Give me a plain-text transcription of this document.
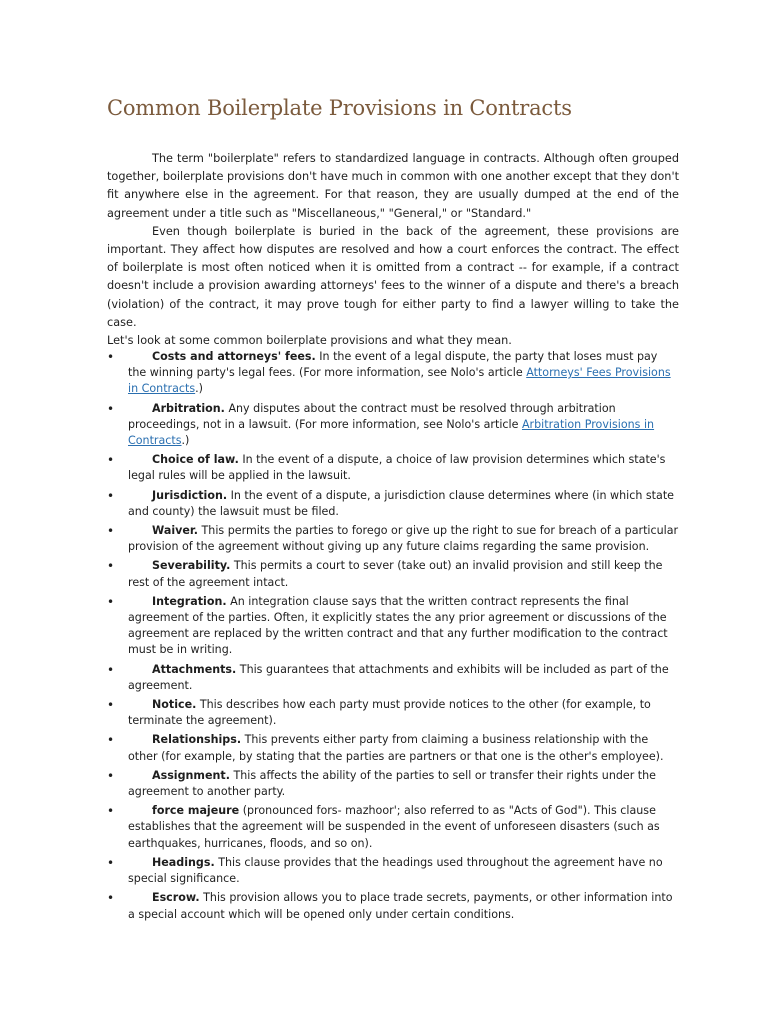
Common Boilerplate Provisions in Contracts

The term "boilerplate" refers to standardized language in contracts. Although often grouped together, boilerplate provisions don't have much in common with one another except that they don't fit anywhere else in the agreement. For that reason, they are usually dumped at the end of the agreement under a title such as "Miscellaneous," "General," or "Standard."

Even though boilerplate is buried in the back of the agreement, these provisions are important. They affect how disputes are resolved and how a court enforces the contract. The effect of boilerplate is most often noticed when it is omitted from a contract -- for example, if a contract doesn't include a provision awarding attorneys' fees to the winner of a dispute and there's a breach (violation) of the contract, it may prove tough for either party to find a lawyer willing to take the case.

Let's look at some common boilerplate provisions and what they mean.

•	Costs and attorneys' fees. In the event of a legal dispute, the party that loses must pay the winning party's legal fees. (For more information, see Nolo's article Attorneys' Fees Provisions in Contracts.)
•	Arbitration. Any disputes about the contract must be resolved through arbitration proceedings, not in a lawsuit. (For more information, see Nolo's article Arbitration Provisions in Contracts.)
•	Choice of law. In the event of a dispute, a choice of law provision determines which state's legal rules will be applied in the lawsuit.
•	Jurisdiction. In the event of a dispute, a jurisdiction clause determines where (in which state and county) the lawsuit must be filed.
•	Waiver. This permits the parties to forego or give up the right to sue for breach of a particular provision of the agreement without giving up any future claims regarding the same provision.
•	Severability. This permits a court to sever (take out) an invalid provision and still keep the rest of the agreement intact.
•	Integration. An integration clause says that the written contract represents the final agreement of the parties. Often, it explicitly states the any prior agreement or discussions of the agreement are replaced by the written contract and that any further modification to the contract must be in writing.
•	Attachments. This guarantees that attachments and exhibits will be included as part of the agreement.
•	Notice. This describes how each party must provide notices to the other (for example, to terminate the agreement).
•	Relationships. This prevents either party from claiming a business relationship with the other (for example, by stating that the parties are partners or that one is the other's employee).
•	Assignment. This affects the ability of the parties to sell or transfer their rights under the agreement to another party.
•	force majeure (pronounced fors- mazhoor'; also referred to as "Acts of God"). This clause establishes that the agreement will be suspended in the event of unforeseen disasters (such as earthquakes, hurricanes, floods, and so on).
•	Headings. This clause provides that the headings used throughout the agreement have no special significance.
•	Escrow. This provision allows you to place trade secrets, payments, or other information into a special account which will be opened only under certain conditions.
